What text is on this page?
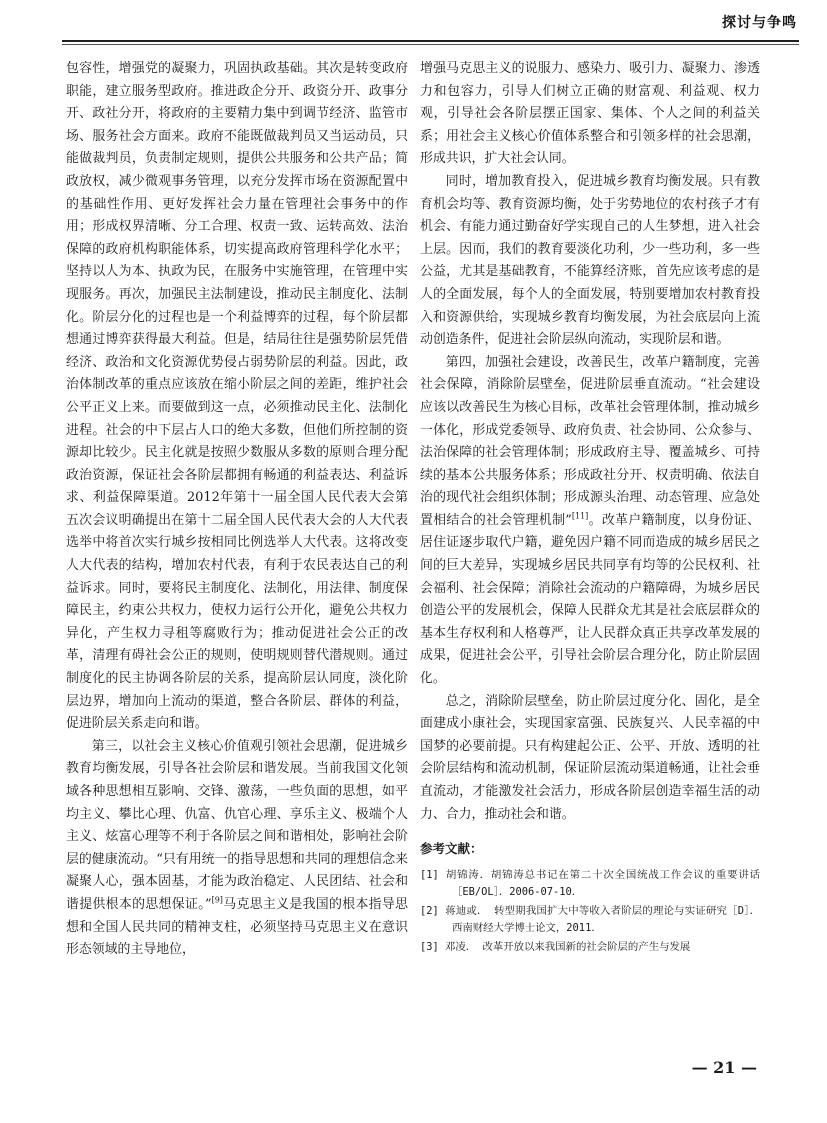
探讨与争鸣

包容性，增强党的凝聚力，巩固执政基础。其次是转变政府职能，建立服务型政府。推进政企分开、政资分开、政事分开、政社分开，将政府的主要精力集中到调节经济、监管市场、服务社会方面来。政府不能既做裁判员又当运动员，只能做裁判员，负责制定规则，提供公共服务和公共产品；简政放权，减少微观事务管理，以充分发挥市场在资源配置中的基础性作用、更好发挥社会力量在管理社会事务中的作用；形成权界清晰、分工合理、权责一致、运转高效、法治保障的政府机构职能体系，切实提高政府管理科学化水平；坚持以人为本、执政为民，在服务中实施管理，在管理中实现服务。再次，加强民主法制建设，推动民主制度化、法制化。阶层分化的过程也是一个利益博弈的过程，每个阶层都想通过博弈获得最大利益。但是，结局往往是强势阶层凭借经济、政治和文化资源优势侵占弱势阶层的利益。因此，政治体制改革的重点应该放在缩小阶层之间的差距，维护社会公平正义上来。而要做到这一点，必须推动民主化、法制化进程。社会的中下层占人口的绝大多数，但他们所控制的资源却比较少。民主化就是按照少数服从多数的原则合理分配政治资源，保证社会各阶层都拥有畅通的利益表达、利益诉求、利益保障渠道。2012年第十一届全国人民代表大会第五次会议明确提出在第十二届全国人民代表大会的人大代表选举中将首次实行城乡按相同比例选举人大代表。这将改变人大代表的结构，增加农村代表，有利于农民表达自己的利益诉求。同时，要将民主制度化、法制化，用法律、制度保障民主，约束公共权力，使权力运行公开化，避免公共权力异化，产生权力寻租等腐败行为；推动促进社会公正的改革，清理有碍社会公正的规则，使明规则替代潜规则。通过制度化的民主协调各阶层的关系，提高阶层认同度，淡化阶层边界，增加向上流动的渠道，整合各阶层、群体的利益，促进阶层关系走向和谐。

第三，以社会主义核心价值观引领社会思潮，促进城乡教育均衡发展，引导各社会阶层和谐发展。当前我国文化领域各种思想相互影响、交锋、激荡，一些负面的思想，如平均主义、攀比心理、仇富、仇官心理、享乐主义、极端个人主义、炫富心理等不利于各阶层之间和谐相处，影响社会阶层的健康流动。“只有用统一的指导思想和共同的理想信念来凝聚人心，强本固基，才能为政治稳定、人民团结、社会和谐提供根本的思想保证。”[9]马克思主义是我国的根本指导思想和全国人民共同的精神支柱，必须坚持马克思主义在意识形态领域的主导地位，

增强马克思主义的说服力、感染力、吸引力、凝聚力、渗透力和包容力，引导人们树立正确的财富观、利益观、权力观，引导社会各阶层摆正国家、集体、个人之间的利益关系；用社会主义核心价值体系整合和引领多样的社会思潮，形成共识，扩大社会认同。

同时，增加教育投入，促进城乡教育均衡发展。只有教育机会均等、教育资源均衡，处于劣势地位的农村孩子才有机会、有能力通过勤奋好学实现自己的人生梦想，进入社会上层。因而，我们的教育要淡化功利，少一些功利，多一些公益，尤其是基础教育，不能算经济账，首先应该考虑的是人的全面发展，每个人的全面发展，特别要增加农村教育投入和资源供给，实现城乡教育均衡发展，为社会底层向上流动创造条件，促进社会阶层纵向流动，实现阶层和谐。

第四，加强社会建设，改善民生，改革户籍制度，完善社会保障，消除阶层壁垒，促进阶层垂直流动。“社会建设应该以改善民生为核心目标，改革社会管理体制，推动城乡一体化，形成党委领导、政府负责、社会协同、公众参与、法治保障的社会管理体制；形成政府主导、覆盖城乡、可持续的基本公共服务体系；形成政社分开、权责明确、依法自治的现代社会组织体制；形成源头治理、动态管理、应急处置相结合的社会管理机制”[11]。改革户籍制度，以身份证、居住证逐步取代户籍，避免因户籍不同而造成的城乡居民之间的巨大差异，实现城乡居民共同享有均等的公民权利、社会福利、社会保障；消除社会流动的户籍障碍，为城乡居民创造公平的发展机会，保障人民群众尤其是社会底层群众的基本生存权利和人格尊严，让人民群众真正共享改革发展的成果，促进社会公平，引导社会阶层合理分化，防止阶层固化。

总之，消除阶层壁垒，防止阶层过度分化、固化，是全面建成小康社会，实现国家富强、民族复兴、人民幸福的中国梦的必要前提。只有构建起公正、公平、开放、透明的社会阶层结构和流动机制，保证阶层流动渠道畅通，让社会垂直流动，才能激发社会活力，形成各阶层创造幸福生活的动力、合力，推动社会和谐。

参考文献：
[1] 胡锦涛．胡锦涛总书记在第二十次全国统战工作会议的重要讲话［EB/OL］．2006-07-10．
[2] 蒋迪或． 转型期我国扩大中等收入者阶层的理论与实证研究［D］． 西南财经大学博士论文，2011．
[3] 邓凌． 改革开放以来我国新的社会阶层的产生与发展
— 21 —
